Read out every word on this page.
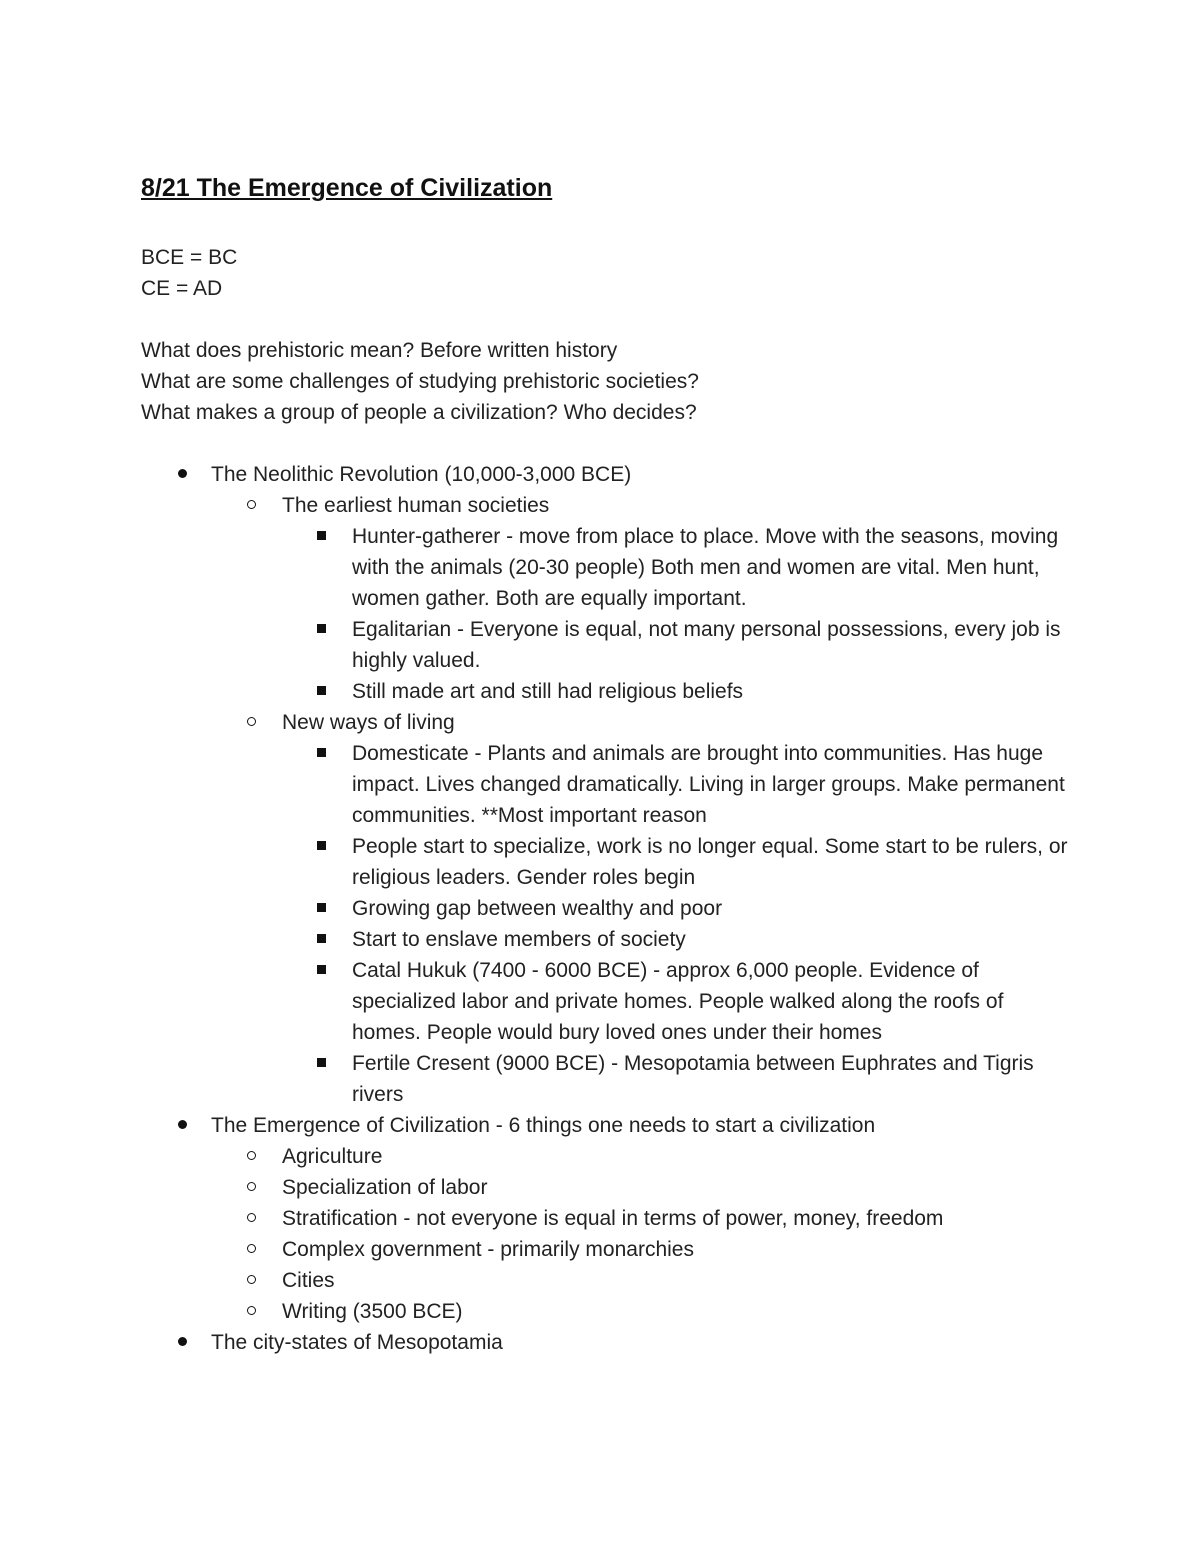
8/21 The Emergence of Civilization

BCE = BC

CE = AD

What does prehistoric mean? Before written history

What are some challenges of studying prehistoric societies?

What makes a group of people a civilization? Who decides?

The Neolithic Revolution (10,000-3,000 BCE)
The earliest human societies
Hunter-gatherer - move from place to place. Move with the seasons, moving with the animals (20-30 people) Both men and women are vital. Men hunt, women gather. Both are equally important.
Egalitarian - Everyone is equal, not many personal possessions, every job is highly valued.
Still made art and still had religious beliefs
New ways of living
Domesticate - Plants and animals are brought into communities. Has huge impact. Lives changed dramatically. Living in larger groups. Make permanent communities. **Most important reason
People start to specialize, work is no longer equal. Some start to be rulers, or religious leaders. Gender roles begin
Growing gap between wealthy and poor
Start to enslave members of society
Catal Hukuk (7400 - 6000 BCE) - approx 6,000 people. Evidence of specialized labor and private homes. People walked along the roofs of homes. People would bury loved ones under their homes
Fertile Cresent (9000 BCE) - Mesopotamia between Euphrates and Tigris rivers
The Emergence of Civilization - 6 things one needs to start a civilization
Agriculture
Specialization of labor
Stratification - not everyone is equal in terms of power, money, freedom
Complex government - primarily monarchies
Cities
Writing (3500 BCE)
The city-states of Mesopotamia
